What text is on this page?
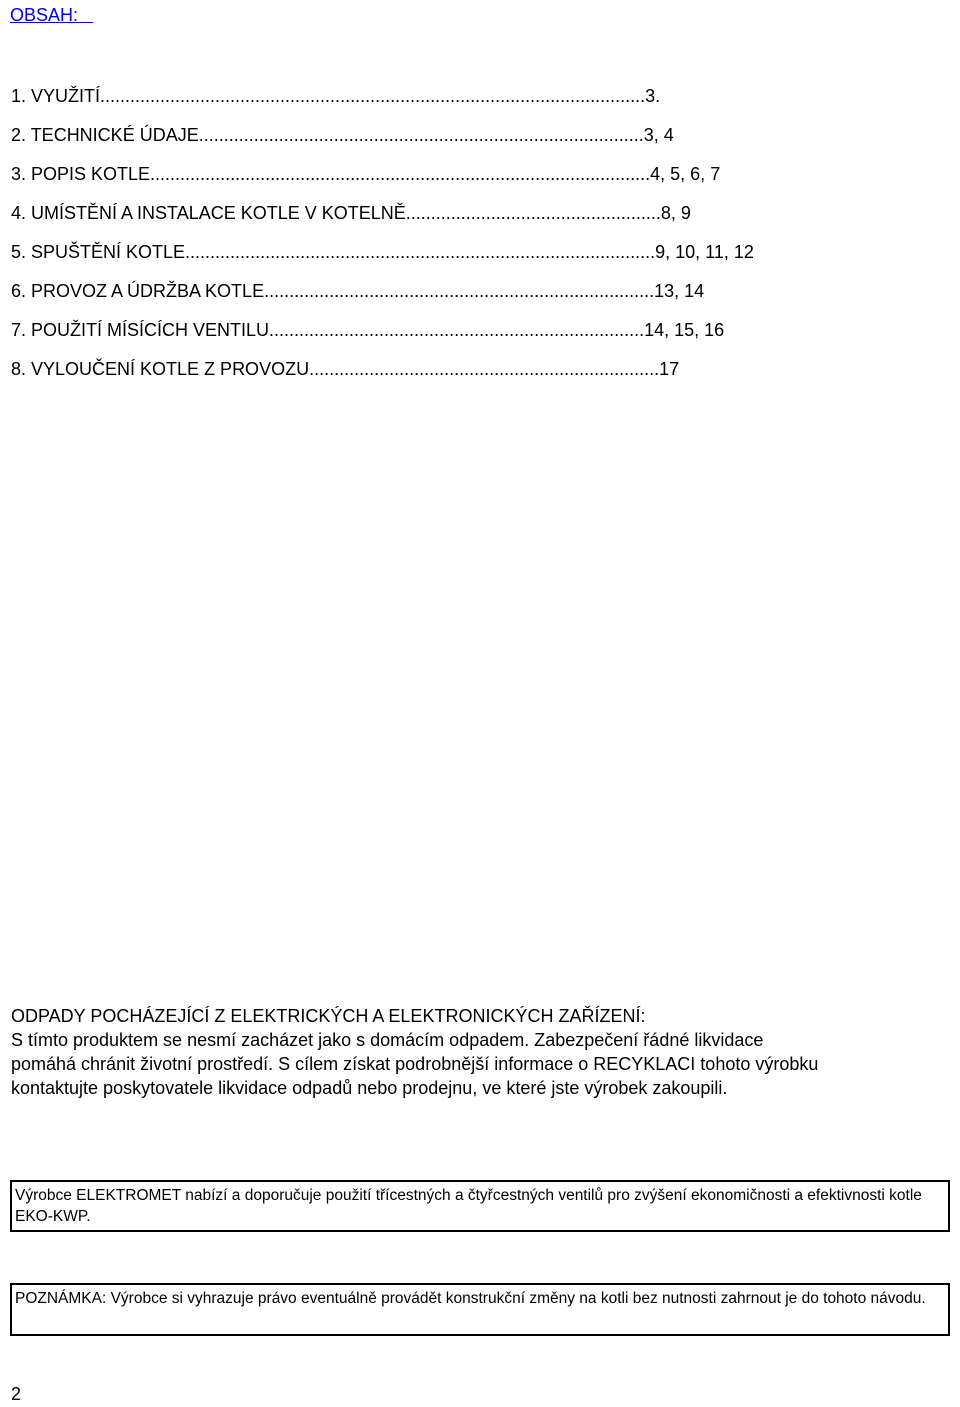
OBSAH:
1. VYUŽITÍ.............................................................................................................3.
2. TECHNICKÉ ÚDAJE.........................................................................................3, 4
3. POPIS KOTLE....................................................................................................4, 5, 6, 7
4. UMÍSTĚNÍ A INSTALACE KOTLE V KOTELNĚ...................................................8, 9
5. SPUŠTĚNÍ KOTLE..............................................................................................9, 10, 11, 12
6. PROVOZ A ÚDRŽBA KOTLE..............................................................................13, 14
7. POUŽITÍ MÍSÍCÍCH VENTILU...........................................................................14, 15, 16
8. VYLOUČENÍ KOTLE Z PROVOZU......................................................................17

ODPADY POCHÁZEJÍCÍ Z ELEKTRICKÝCH A ELEKTRONICKÝCH ZAŘÍZENÍ:

S tímto produktem se nesmí zacházet jako s domácím odpadem. Zabezpečení řádné likvidace pomáhá chránit životní prostředí. S cílem získat podrobnější informace o RECYKLACI tohoto výrobku kontaktujte poskytovatele likvidace odpadů nebo prodejnu, ve které jste výrobek zakoupili.

Výrobce ELEKTROMET nabízí a doporučuje použití třícestných a čtyřcestných ventilů pro zvýšení ekonomičnosti a efektivnosti kotle EKO-KWP.
POZNÁMKA: Výrobce si vyhrazuje právo eventuálně provádět konstrukční změny na kotli bez nutnosti zahrnout je do tohoto návodu.
2
